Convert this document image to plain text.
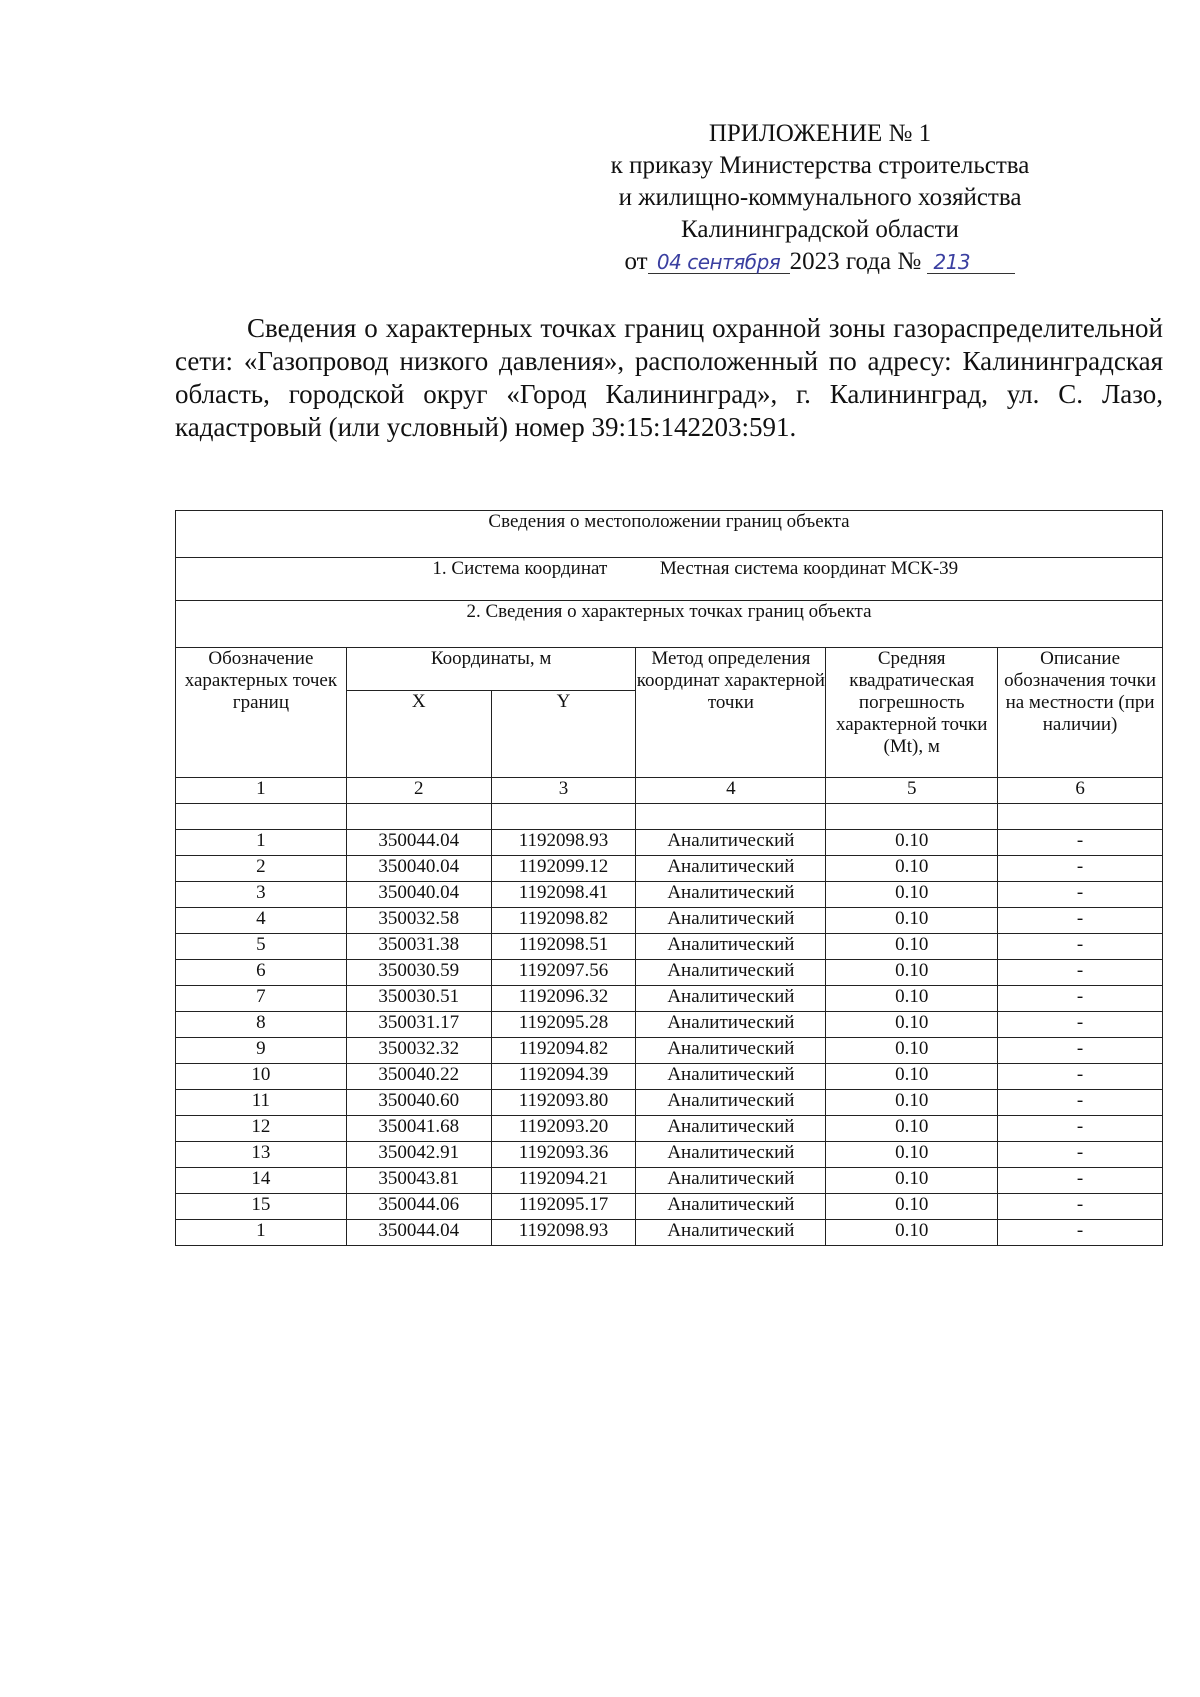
ПРИЛОЖЕНИЕ № 1
к приказу Министерства строительства
и жилищно-коммунального хозяйства
Калининградской области
от 04 сентября 2023 года № 213
Сведения о характерных точках границ охранной зоны газораспределительной сети: «Газопровод низкого давления», расположенный по адресу: Калининградская область, городской округ «Город Калининград», г. Калининград, ул. С. Лазо, кадастровый (или условный) номер 39:15:142203:591.
Сведения о местоположении границ объекта					
1. Система координат Местная система координат МСК-39					
2. Сведения о характерных точках границ объекта					
Обозначение характерных точек границ	Координаты, м		Метод определения координат характерной точки	Средняя квадратическая погрешность характерной точки (Mt), м	Описание обозначения точки на местности (при наличии)
	X	Y			
1	2	3	4	5	6

1	350044.04	1192098.93	Аналитический	0.10	-
2	350040.04	1192099.12	Аналитический	0.10	-
3	350040.04	1192098.41	Аналитический	0.10	-
4	350032.58	1192098.82	Аналитический	0.10	-
5	350031.38	1192098.51	Аналитический	0.10	-
6	350030.59	1192097.56	Аналитический	0.10	-
7	350030.51	1192096.32	Аналитический	0.10	-
8	350031.17	1192095.28	Аналитический	0.10	-
9	350032.32	1192094.82	Аналитический	0.10	-
10	350040.22	1192094.39	Аналитический	0.10	-
11	350040.60	1192093.80	Аналитический	0.10	-
12	350041.68	1192093.20	Аналитический	0.10	-
13	350042.91	1192093.36	Аналитический	0.10	-
14	350043.81	1192094.21	Аналитический	0.10	-
15	350044.06	1192095.17	Аналитический	0.10	-
1	350044.04	1192098.93	Аналитический	0.10	-
